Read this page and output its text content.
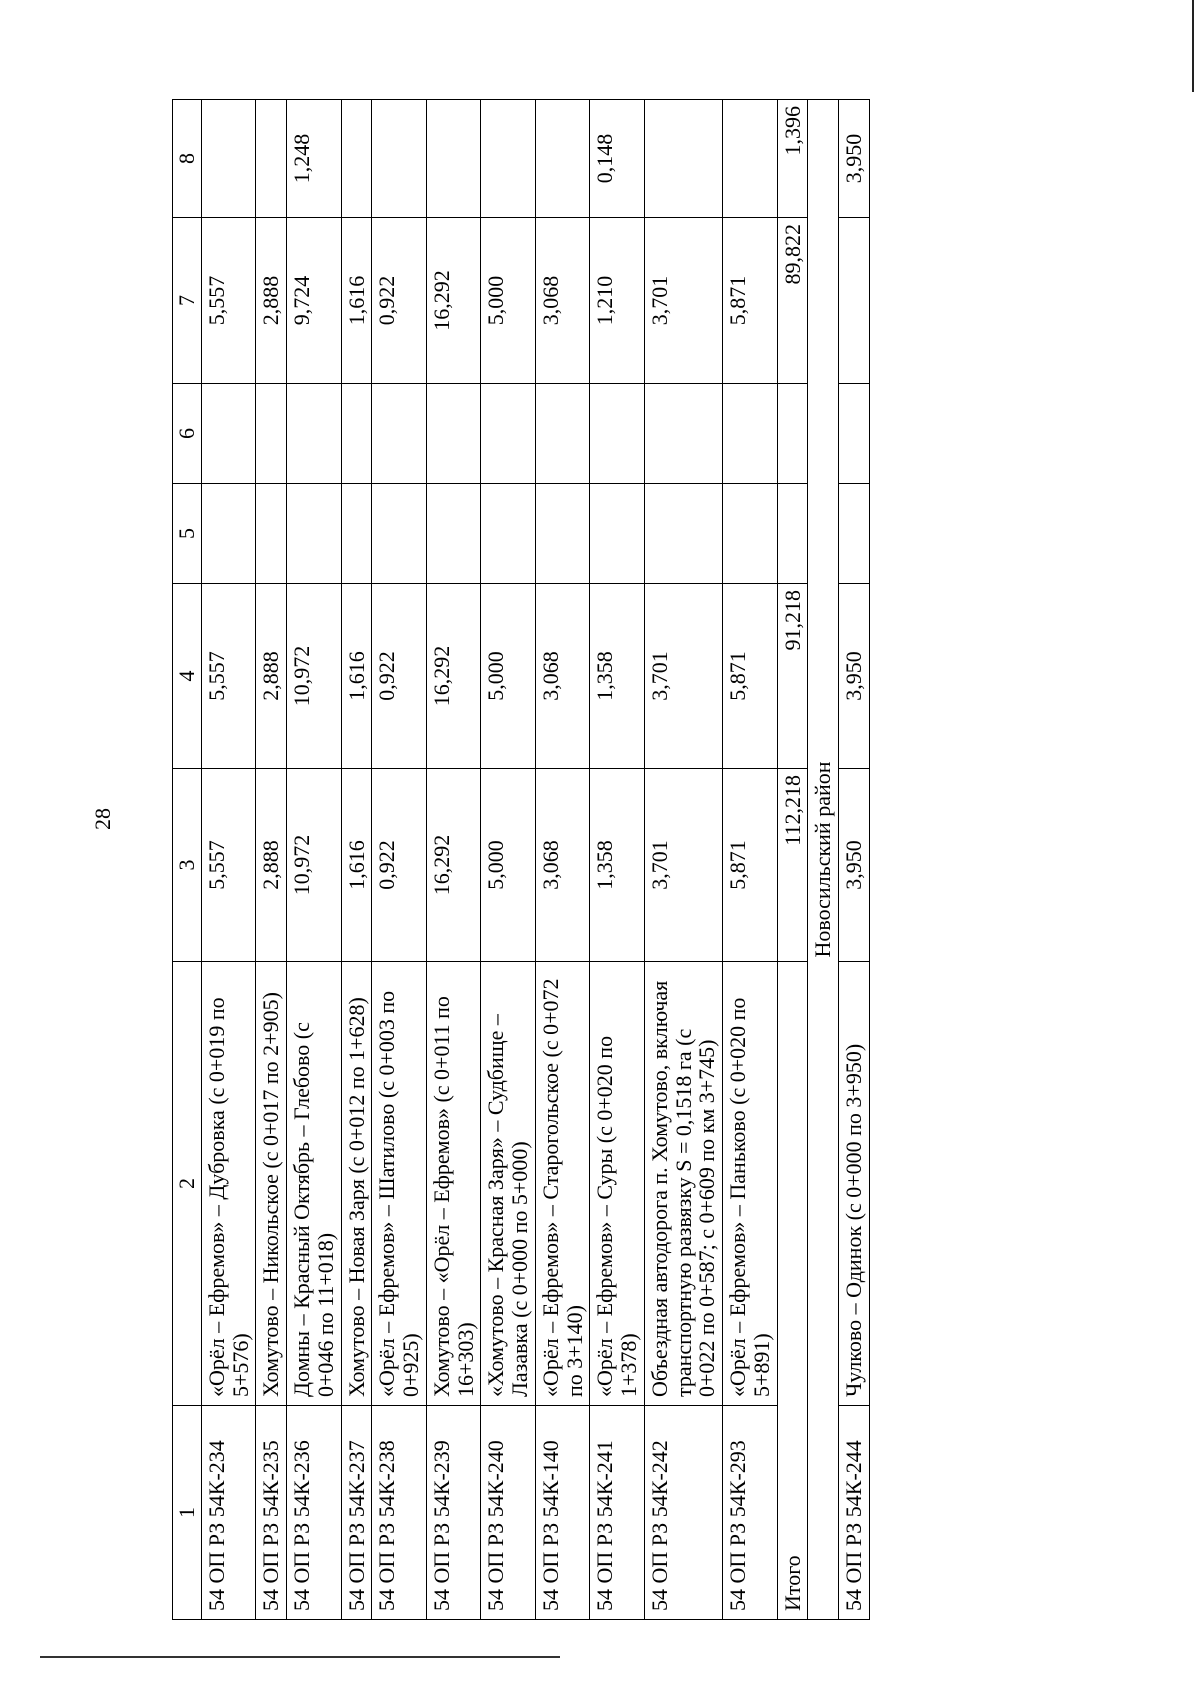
28
1	2	3	4	5	6	7	8
54 ОП РЗ 54К-234	«Орёл – Ефремов» – Дубровка (с 0+019 по 5+576)	5,557	5,557			5,557	
54 ОП РЗ 54К-235	Хомутово – Никольское (с 0+017 по 2+905)	2,888	2,888			2,888	
54 ОП РЗ 54К-236	Домны – Красный Октябрь – Глебово (с 0+046 по 11+018)	10,972	10,972			9,724	1,248
54 ОП РЗ 54К-237	Хомутово – Новая Заря (с 0+012 по 1+628)	1,616	1,616			1,616	
54 ОП РЗ 54К-238	«Орёл – Ефремов» – Шатилово (с 0+003 по 0+925)	0,922	0,922			0,922	
54 ОП РЗ 54К-239	Хомутово – «Орёл – Ефремов» (с 0+011 по 16+303)	16,292	16,292			16,292	
54 ОП РЗ 54К-240	«Хомутово – Красная Заря» – Судбище – Лазавка (с 0+000 по 5+000)	5,000	5,000			5,000	
54 ОП РЗ 54К-140	«Орёл – Ефремов» – Старогольское (с 0+072 по 3+140)	3,068	3,068			3,068	
54 ОП РЗ 54К-241	«Орёл – Ефремов» – Суры (с 0+020 по 1+378)	1,358	1,358			1,210	0,148
54 ОП РЗ 54К-242	Объездная автодорога п. Хомутово, включая транспортную развязку S = 0,1518 га (с 0+022 по 0+587; с 0+609 по км 3+745)	3,701	3,701			3,701	
54 ОП РЗ 54К-293	«Орёл – Ефремов» – Паньково (с 0+020 по 5+891)	5,871	5,871			5,871	
Итого		112,218	91,218			89,822	1,396
Новосильский район							
54 ОП РЗ 54К-244	Чулково – Одинок (с 0+000 по 3+950)	3,950	3,950				3,950
